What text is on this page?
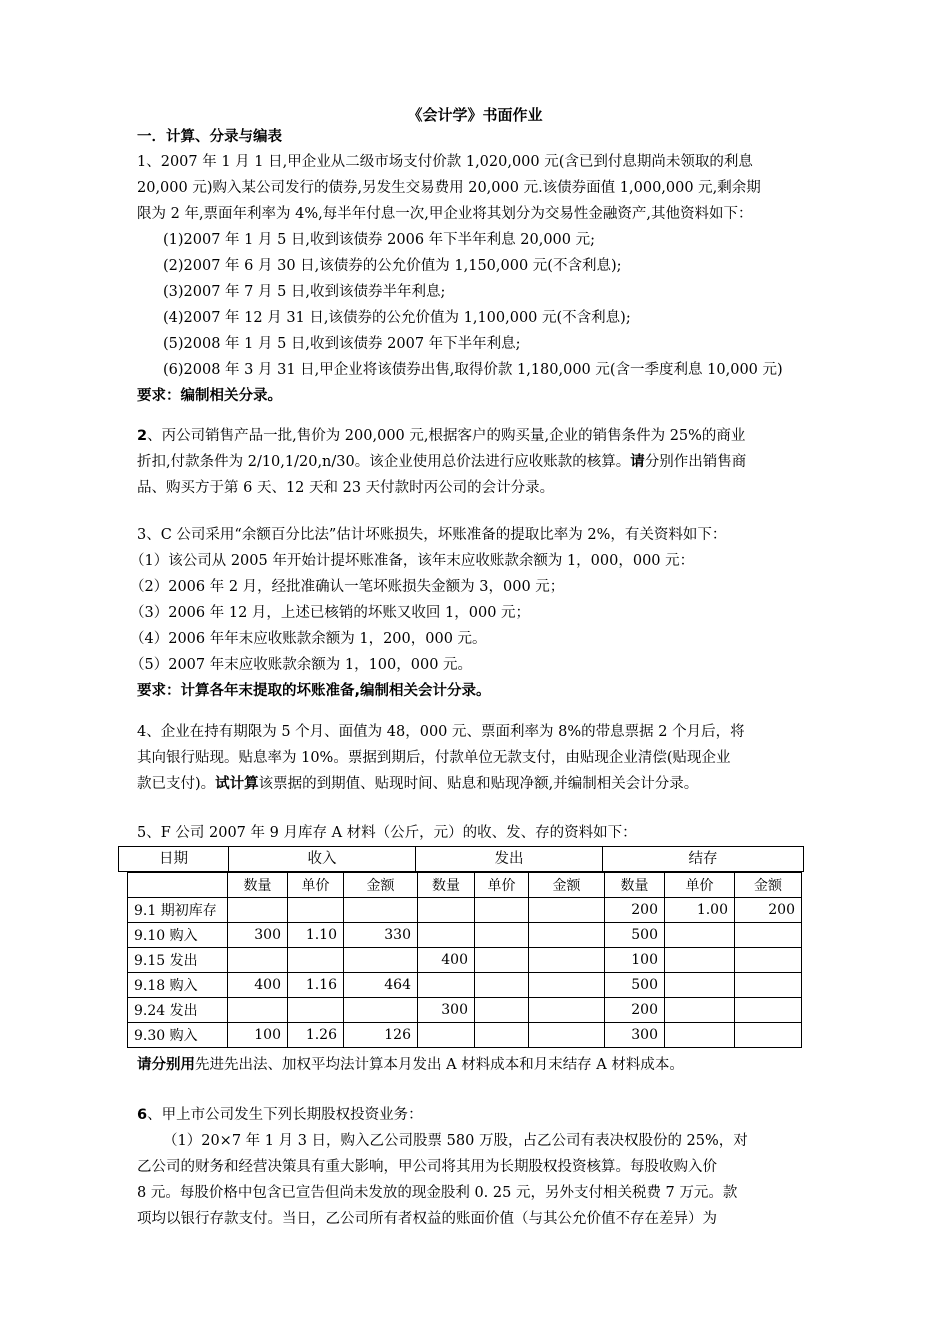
《会计学》书面作业
一．计算、分录与编表
1、2007 年 1 月 1 日,甲企业从二级市场支付价款 1,020,000 元(含已到付息期尚未领取的利息
20,000 元)购入某公司发行的债券,另发生交易费用 20,000 元.该债券面值 1,000,000 元,剩余期
限为 2 年,票面年利率为 4%,每半年付息一次,甲企业将其划分为交易性金融资产,其他资料如下：
(1)2007 年 1 月 5 日,收到该债券 2006 年下半年利息 20,000 元;
(2)2007 年 6 月 30 日,该债券的公允价值为 1,150,000 元(不含利息);
(3)2007 年 7 月 5 日,收到该债券半年利息;
(4)2007 年 12 月 31 日,该债券的公允价值为 1,100,000 元(不含利息);
(5)2008 年 1 月 5 日,收到该债券 2007 年下半年利息;
(6)2008 年 3 月 31 日,甲企业将该债券出售,取得价款 1,180,000 元(含一季度利息 10,000 元)
要求：编制相关分录。
2、丙公司销售产品一批,售价为 200,000 元,根据客户的购买量,企业的销售条件为 25%的商业
折扣,付款条件为 2/10,1/20,n/30。该企业使用总价法进行应收账款的核算。请分别作出销售商
品、购买方于第 6 天、12 天和 23 天付款时丙公司的会计分录。
3、C 公司采用“余额百分比法”估计坏账损失，坏账准备的提取比率为 2%，有关资料如下：
（1）该公司从 2005 年开始计提坏账准备，该年末应收账款余额为 1，000，000 元：
（2）2006 年 2 月，经批准确认一笔坏账损失金额为 3，000 元；
（3）2006 年 12 月，上述已核销的坏账又收回 1，000 元；
（4）2006 年年末应收账款余额为 1，200，000 元。
（5）2007 年末应收账款余额为 1，100，000 元。
要求：计算各年末提取的坏账准备,编制相关会计分录。
4、企业在持有期限为 5 个月、面值为 48，000 元、票面利率为 8%的带息票据 2 个月后，将
其向银行贴现。贴息率为 10%。票据到期后，付款单位无款支付，由贴现企业清偿(贴现企业
款已支付)。试计算该票据的到期值、贴现时间、贴息和贴现净额,并编制相关会计分录。
5、F 公司 2007 年 9 月库存 A 材料（公斤，元）的收、发、存的资料如下：
日期	收入	发出	结存
	数量	单价	金额	数量	单价	金额	数量	单价	金额
9.1 期初库存							200	1.00	200
9.10 购入	300	1.10	330				500		
9.15 发出				400			100		
9.18 购入	400	1.16	464				500		
9.24 发出				300			200		
9.30 购入	100	1.26	126				300		
请分别用先进先出法、加权平均法计算本月发出 A 材料成本和月末结存 A 材料成本。
6、甲上市公司发生下列长期股权投资业务：
（1）20×7 年 1 月 3 日，购入乙公司股票 580 万股，占乙公司有表决权股份的 25%，对
乙公司的财务和经营决策具有重大影响，甲公司将其用为长期股权投资核算。每股收购入价
8 元。每股价格中包含已宣告但尚未发放的现金股利 0. 25 元，另外支付相关税费 7 万元。款
项均以银行存款支付。当日，乙公司所有者权益的账面价值（与其公允价值不存在差异）为
